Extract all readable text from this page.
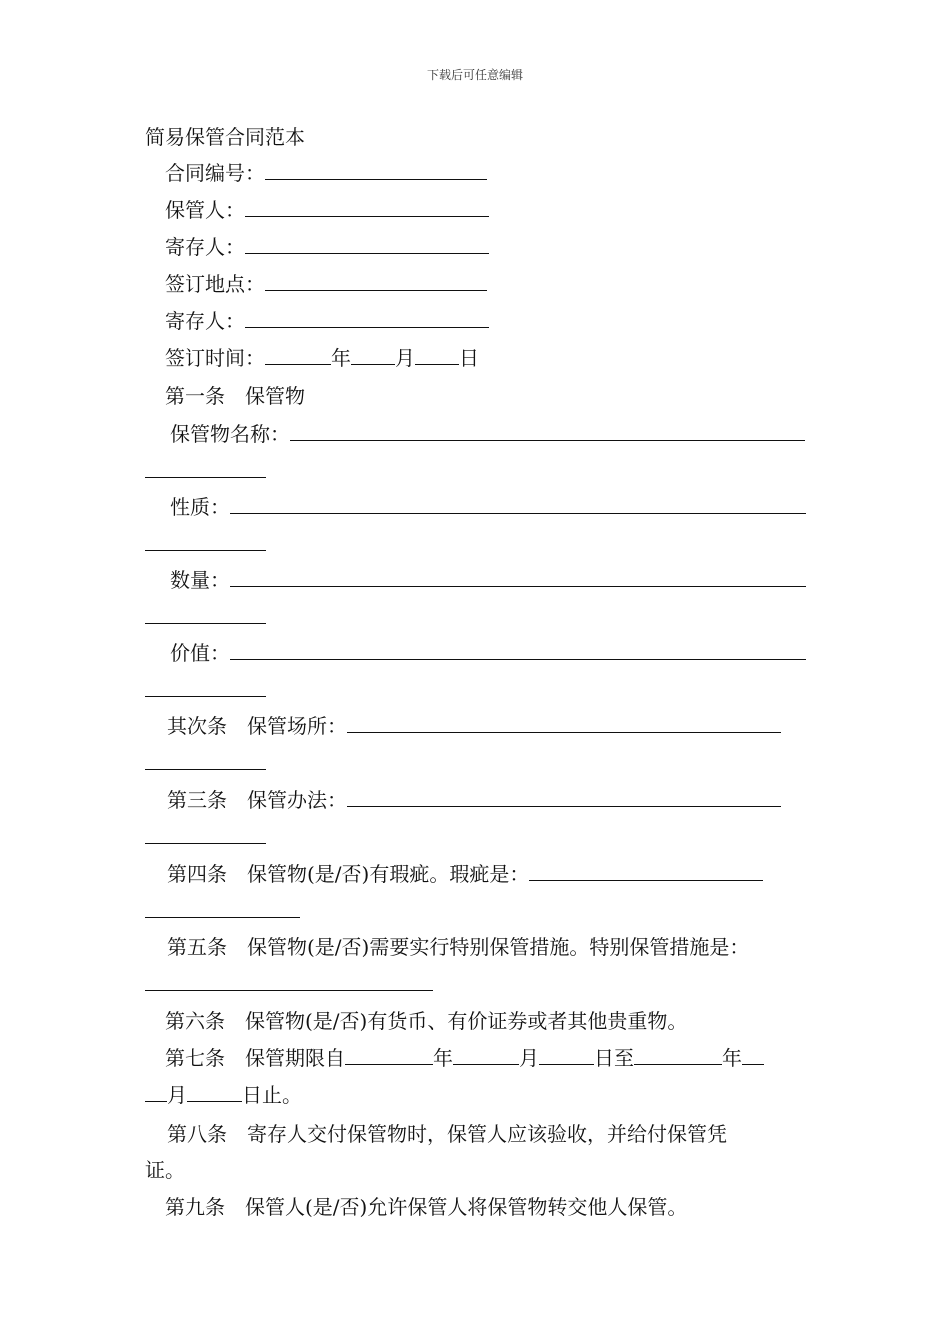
下载后可任意编辑
简易保管合同范本
合同编号：
保管人：
寄存人：
签订地点：
寄存人：
签订时间：	年 月 日
第一条　保管物
保管物名称：
性质：
数量：
价值：
其次条　保管场所：
第三条　保管办法：
第四条　保管物(是/否)有瑕疵。瑕疵是：
第五条　保管物(是/否)需要实行特别保管措施。特别保管措施是：
第六条　保管物(是/否)有货币、有价证券或者其他贵重物。
第七条　保管期限自	年	月	日至	年
月	日止。
第八条　寄存人交付保管物时，保管人应该验收，并给付保管凭
证。
第九条　保管人(是/否)允许保管人将保管物转交他人保管。
